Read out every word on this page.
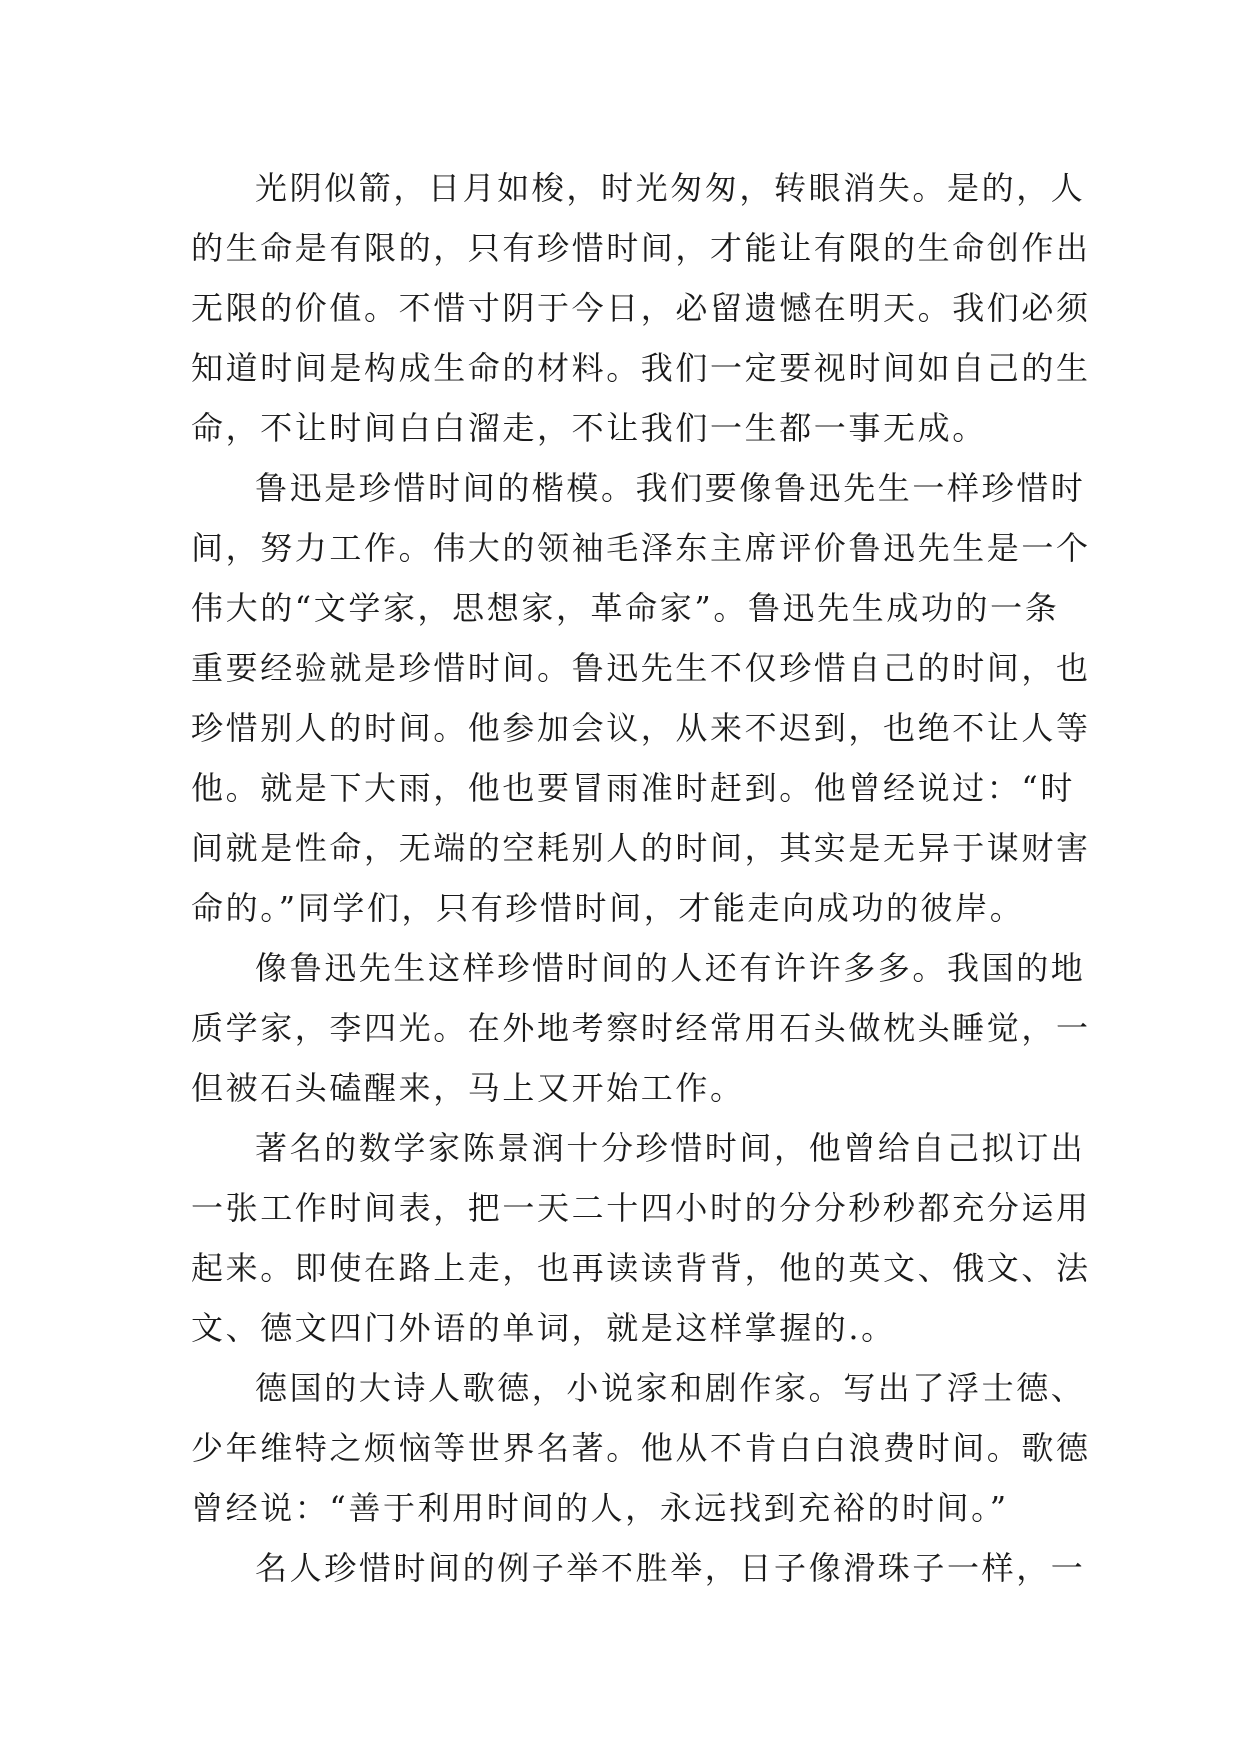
光阴似箭，日月如梭，时光匆匆，转眼消失。是的，人
的生命是有限的，只有珍惜时间，才能让有限的生命创作出
无限的价值。不惜寸阴于今日，必留遗憾在明天。我们必须
知道时间是构成生命的材料。我们一定要视时间如自己的生
命，不让时间白白溜走，不让我们一生都一事无成。
鲁迅是珍惜时间的楷模。我们要像鲁迅先生一样珍惜时
间，努力工作。伟大的领袖毛泽东主席评价鲁迅先生是一个
伟大的“文学家，思想家，革命家”。鲁迅先生成功的一条
重要经验就是珍惜时间。鲁迅先生不仅珍惜自己的时间，也
珍惜别人的时间。他参加会议，从来不迟到，也绝不让人等
他。就是下大雨，他也要冒雨准时赶到。他曾经说过：“时
间就是性命，无端的空耗别人的时间，其实是无异于谋财害
命的。”同学们，只有珍惜时间，才能走向成功的彼岸。
像鲁迅先生这样珍惜时间的人还有许许多多。我国的地
质学家，李四光。在外地考察时经常用石头做枕头睡觉，一
但被石头磕醒来，马上又开始工作。
著名的数学家陈景润十分珍惜时间，他曾给自己拟订出
一张工作时间表，把一天二十四小时的分分秒秒都充分运用
起来。即使在路上走，也再读读背背，他的英文、俄文、法
文、德文四门外语的单词，就是这样掌握的.。
德国的大诗人歌德，小说家和剧作家。写出了浮士德、
少年维特之烦恼等世界名著。他从不肯白白浪费时间。歌德
曾经说：“善于利用时间的人，永远找到充裕的时间。”
名人珍惜时间的例子举不胜举，日子像滑珠子一样，一
